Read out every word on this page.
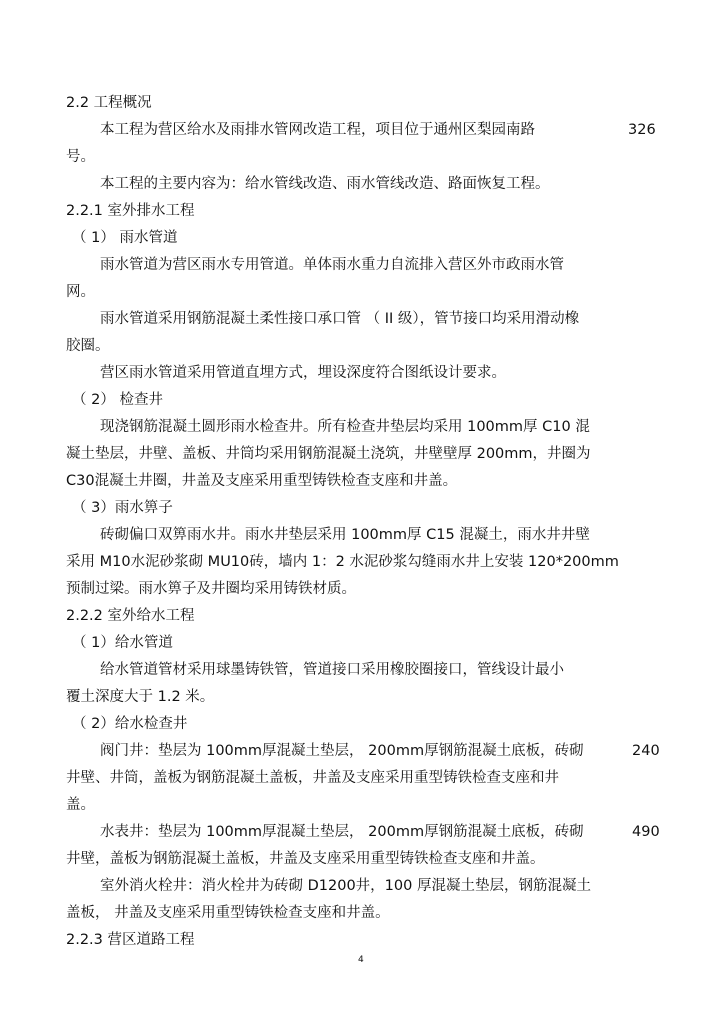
2.2 工程概况
本工程为营区给水及雨排水管网改造工程，项目位于通州区梨园南路	326
号。
本工程的主要内容为：给水管线改造、雨水管线改造、路面恢复工程。
2.2.1 室外排水工程
（ 1） 雨水管道
雨水管道为营区雨水专用管道。单体雨水重力自流排入营区外市政雨水管
网。
雨水管道采用钢筋混凝土柔性接口承口管 （ II 级），管节接口均采用滑动橡
胶圈。
营区雨水管道采用管道直埋方式，埋设深度符合图纸设计要求。
（ 2） 检查井
现浇钢筋混凝土圆形雨水检查井。所有检查井垫层均采用 100mm厚 C10 混
凝土垫层，井壁、盖板、井筒均采用钢筋混凝土浇筑，井壁壁厚 200mm，井圈为
C30混凝土井圈，井盖及支座采用重型铸铁检查支座和井盖。
（ 3）雨水箅子
砖砌偏口双箅雨水井。雨水井垫层采用 100mm厚 C15 混凝土，雨水井井壁
采用 M10水泥砂浆砌 MU10砖，墙内 1：2 水泥砂浆勾缝雨水井上安装 120*200mm
预制过梁。雨水箅子及井圈均采用铸铁材质。
2.2.2 室外给水工程
（ 1）给水管道
给水管道管材采用球墨铸铁管，管道接口采用橡胶圈接口，管线设计最小
覆土深度大于 1.2 米。
（ 2）给水检查井
阀门井：垫层为 100mm厚混凝土垫层， 200mm厚钢筋混凝土底板，砖砌	240
井壁、井筒，盖板为钢筋混凝土盖板，井盖及支座采用重型铸铁检查支座和井
盖。
水表井：垫层为 100mm厚混凝土垫层， 200mm厚钢筋混凝土底板，砖砌	490
井壁，盖板为钢筋混凝土盖板，井盖及支座采用重型铸铁检查支座和井盖。
室外消火栓井：消火栓井为砖砌 D1200井，100 厚混凝土垫层，钢筋混凝土
盖板， 井盖及支座采用重型铸铁检查支座和井盖。
2.2.3 营区道路工程
4
